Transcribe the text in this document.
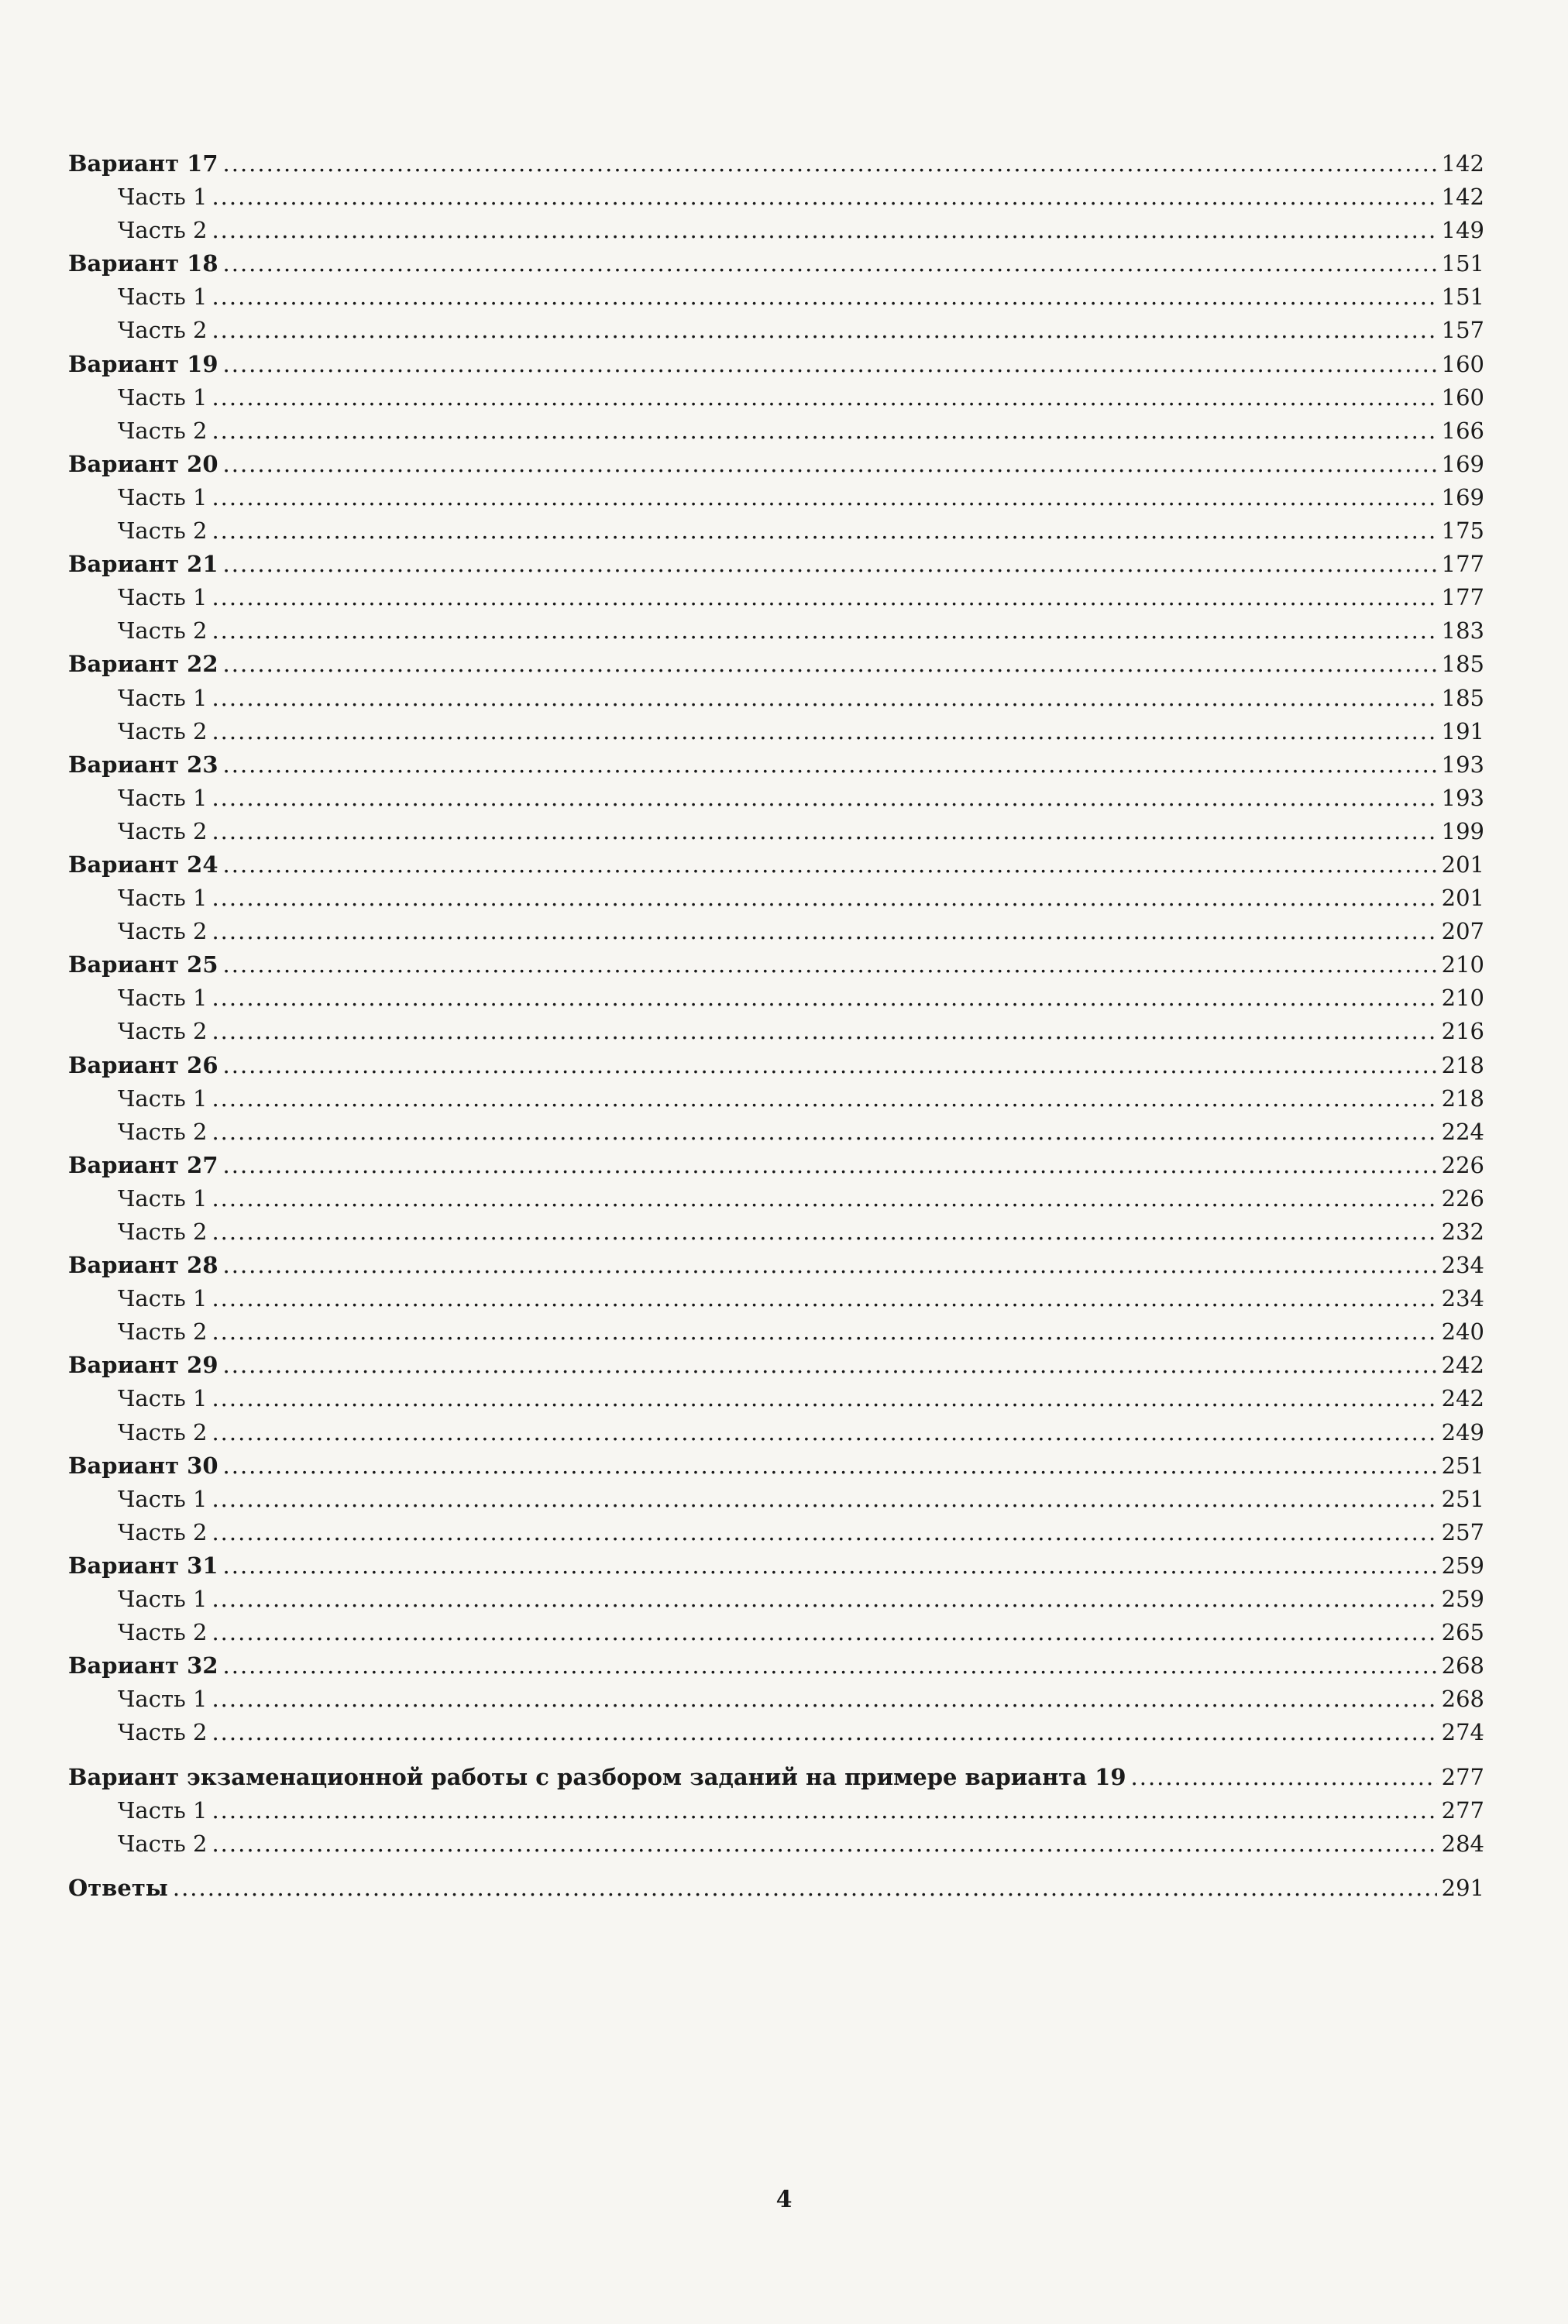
Вариант 17 .....	142
Часть 1 .....	142
Часть 2 .....	149
Вариант 18 .....	151
Часть 1 .....	151
Часть 2 .....	157
Вариант 19 .....	160
Часть 1 .....	160
Часть 2 .....	166
Вариант 20 .....	169
Часть 1 .....	169
Часть 2 .....	175
Вариант 21 .....	177
Часть 1 .....	177
Часть 2 .....	183
Вариант 22 .....	185
Часть 1 .....	185
Часть 2 .....	191
Вариант 23 .....	193
Часть 1 .....	193
Часть 2 .....	199
Вариант 24 .....	201
Часть 1 .....	201
Часть 2 .....	207
Вариант 25 .....	210
Часть 1 .....	210
Часть 2 .....	216
Вариант 26 .....	218
Часть 1 .....	218
Часть 2 .....	224
Вариант 27 .....	226
Часть 1 .....	226
Часть 2 .....	232
Вариант 28 .....	234
Часть 1 .....	234
Часть 2 .....	240
Вариант 29 .....	242
Часть 1 .....	242
Часть 2 .....	249
Вариант 30 .....	251
Часть 1 .....	251
Часть 2 .....	257
Вариант 31 .....	259
Часть 1 .....	259
Часть 2 .....	265
Вариант 32 .....	268
Часть 1 .....	268
Часть 2 .....	274
Вариант экзаменационной работы с разбором заданий на примере варианта 19 .....	277
Часть 1 .....	277
Часть 2 .....	284
Ответы .....	291
4
